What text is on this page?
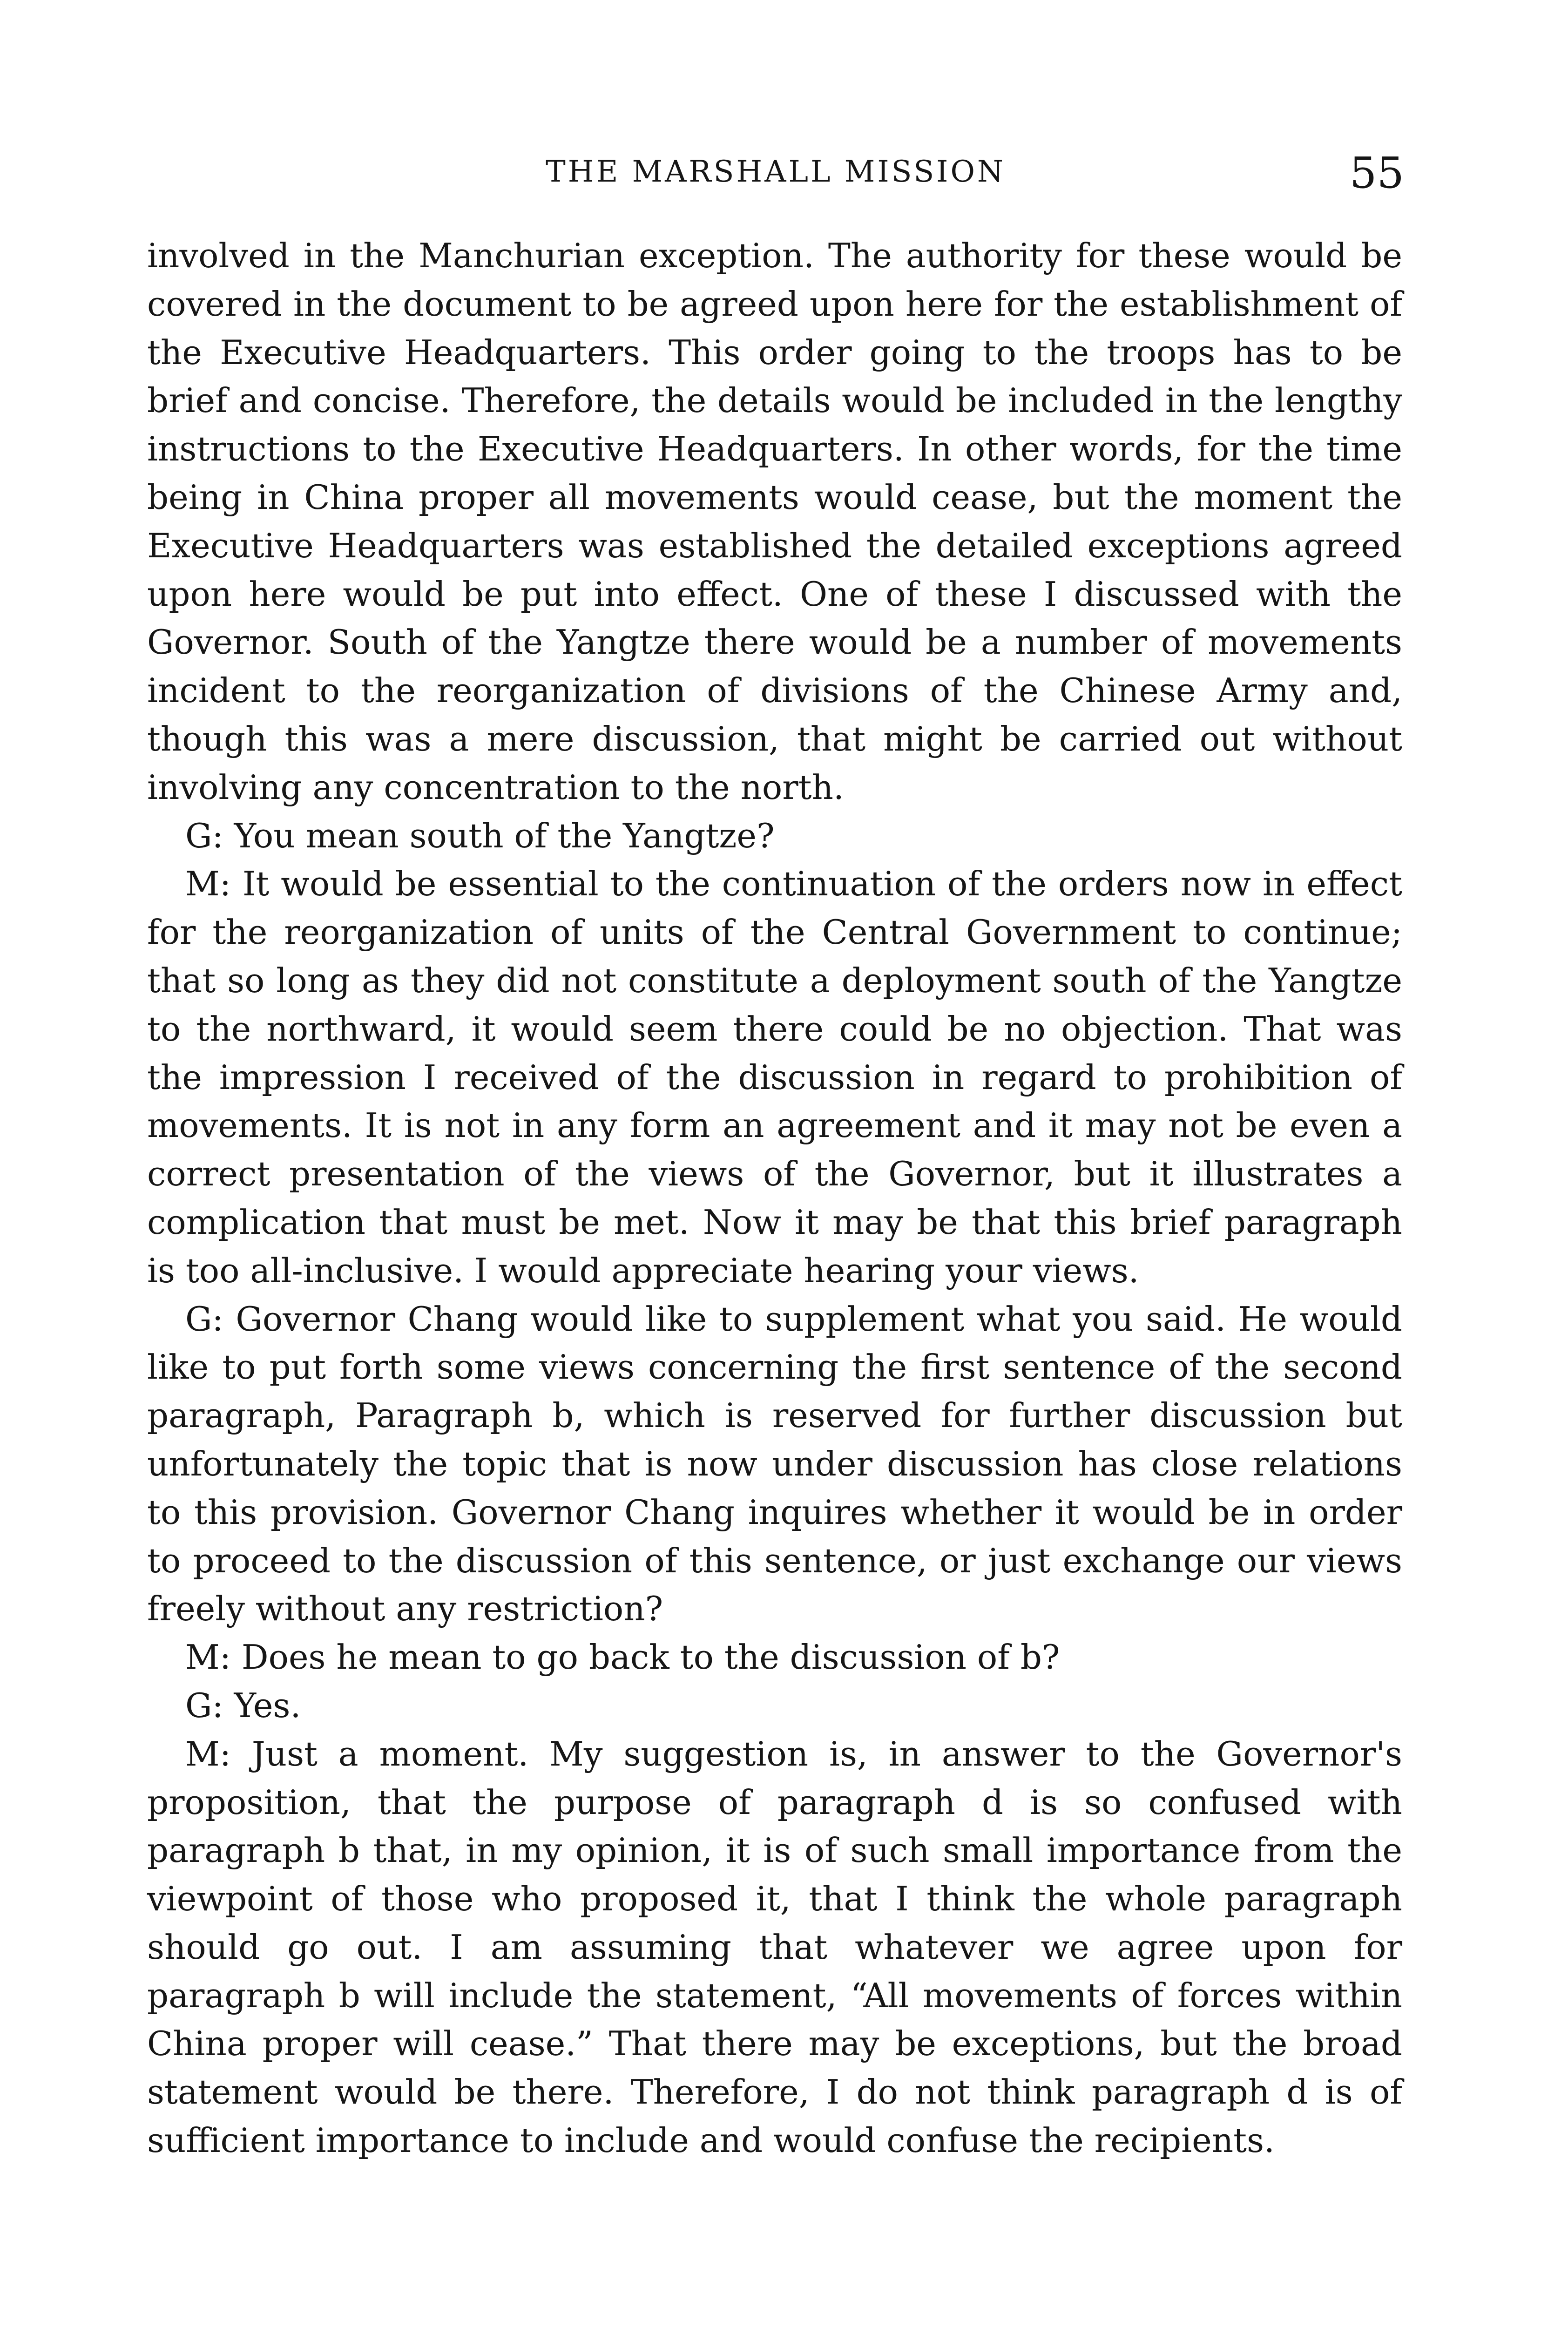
THE MARSHALL MISSION	55

involved in the Manchurian exception. The authority for these would be covered in the document to be agreed upon here for the establishment of the Executive Headquarters. This order going to the troops has to be brief and concise. Therefore, the details would be included in the lengthy instructions to the Executive Headquarters. In other words, for the time being in China proper all movements would cease, but the moment the Executive Headquarters was established the detailed exceptions agreed upon here would be put into effect. One of these I discussed with the Governor. South of the Yangtze there would be a number of movements incident to the reorganization of divisions of the Chinese Army and, though this was a mere discussion, that might be carried out without involving any concentration to the north.

G: You mean south of the Yangtze?

M: It would be essential to the continuation of the orders now in effect for the reorganization of units of the Central Government to continue; that so long as they did not constitute a deployment south of the Yangtze to the northward, it would seem there could be no objection. That was the impression I received of the discussion in regard to prohibition of movements. It is not in any form an agreement and it may not be even a correct presentation of the views of the Governor, but it illustrates a complication that must be met. Now it may be that this brief paragraph is too all-inclusive. I would appreciate hearing your views.

G: Governor Chang would like to supplement what you said. He would like to put forth some views concerning the first sentence of the second paragraph, Paragraph b, which is reserved for further discussion but unfortunately the topic that is now under discussion has close relations to this provision. Governor Chang inquires whether it would be in order to proceed to the discussion of this sentence, or just exchange our views freely without any restriction?

M: Does he mean to go back to the discussion of b?

G: Yes.

M: Just a moment. My suggestion is, in answer to the Governor's proposition, that the purpose of paragraph d is so confused with paragraph b that, in my opinion, it is of such small importance from the viewpoint of those who proposed it, that I think the whole paragraph should go out. I am assuming that whatever we agree upon for paragraph b will include the statement, “All movements of forces within China proper will cease.” That there may be exceptions, but the broad statement would be there. Therefore, I do not think paragraph d is of sufficient importance to include and would confuse the recipients.
